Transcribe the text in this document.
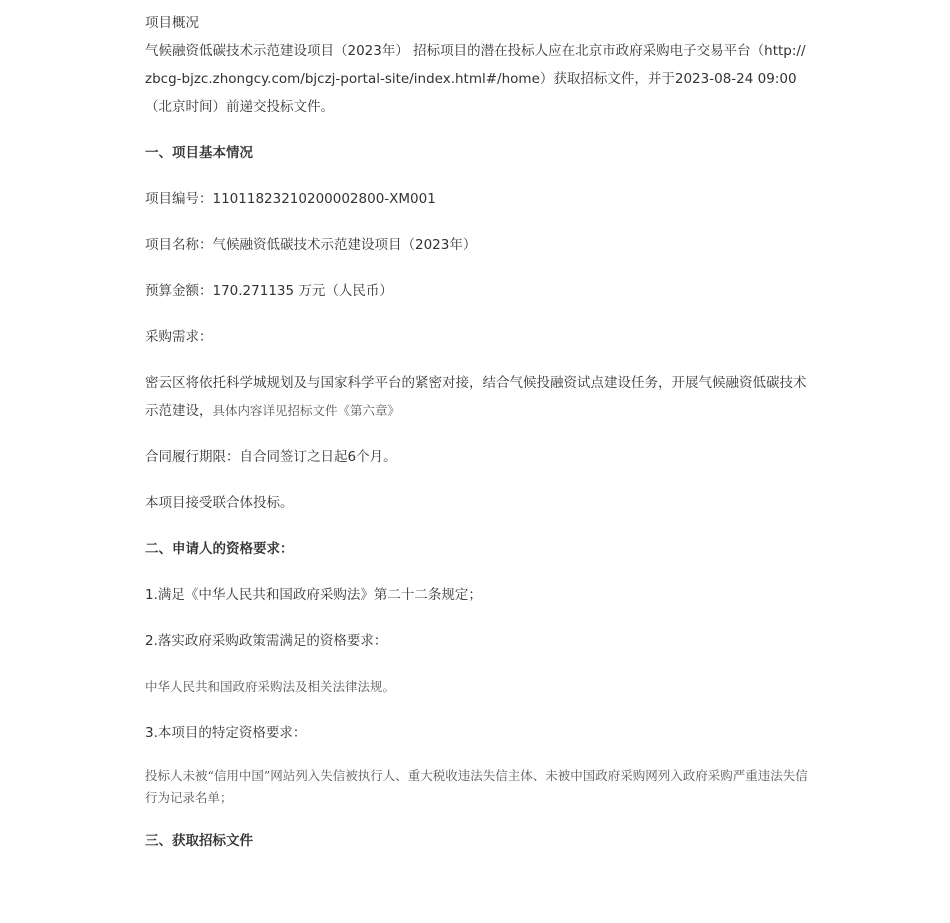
项目概况

气候融资低碳技术示范建设项目（2023年） 招标项目的潜在投标人应在北京市政府采购电子交易平台（http://zbcg-bjzc.zhongcy.com/bjczj-portal-site/index.html#/home）获取招标文件，并于2023-08-24 09:00（北京时间）前递交投标文件。

一、项目基本情况

项目编号：11011823210200002800-XM001

项目名称：气候融资低碳技术示范建设项目（2023年）

预算金额：170.271135 万元（人民币）

采购需求：

密云区将依托科学城规划及与国家科学平台的紧密对接，结合气候投融资试点建设任务，开展气候融资低碳技术示范建设，具体内容详见招标文件《第六章》

合同履行期限：自合同签订之日起6个月。

本项目接受联合体投标。

二、申请人的资格要求：

1.满足《中华人民共和国政府采购法》第二十二条规定；

2.落实政府采购政策需满足的资格要求：

中华人民共和国政府采购法及相关法律法规。

3.本项目的特定资格要求：

投标人未被“信用中国”网站列入失信被执行人、重大税收违法失信主体、未被中国政府采购网列入政府采购严重违法失信行为记录名单；

三、获取招标文件
